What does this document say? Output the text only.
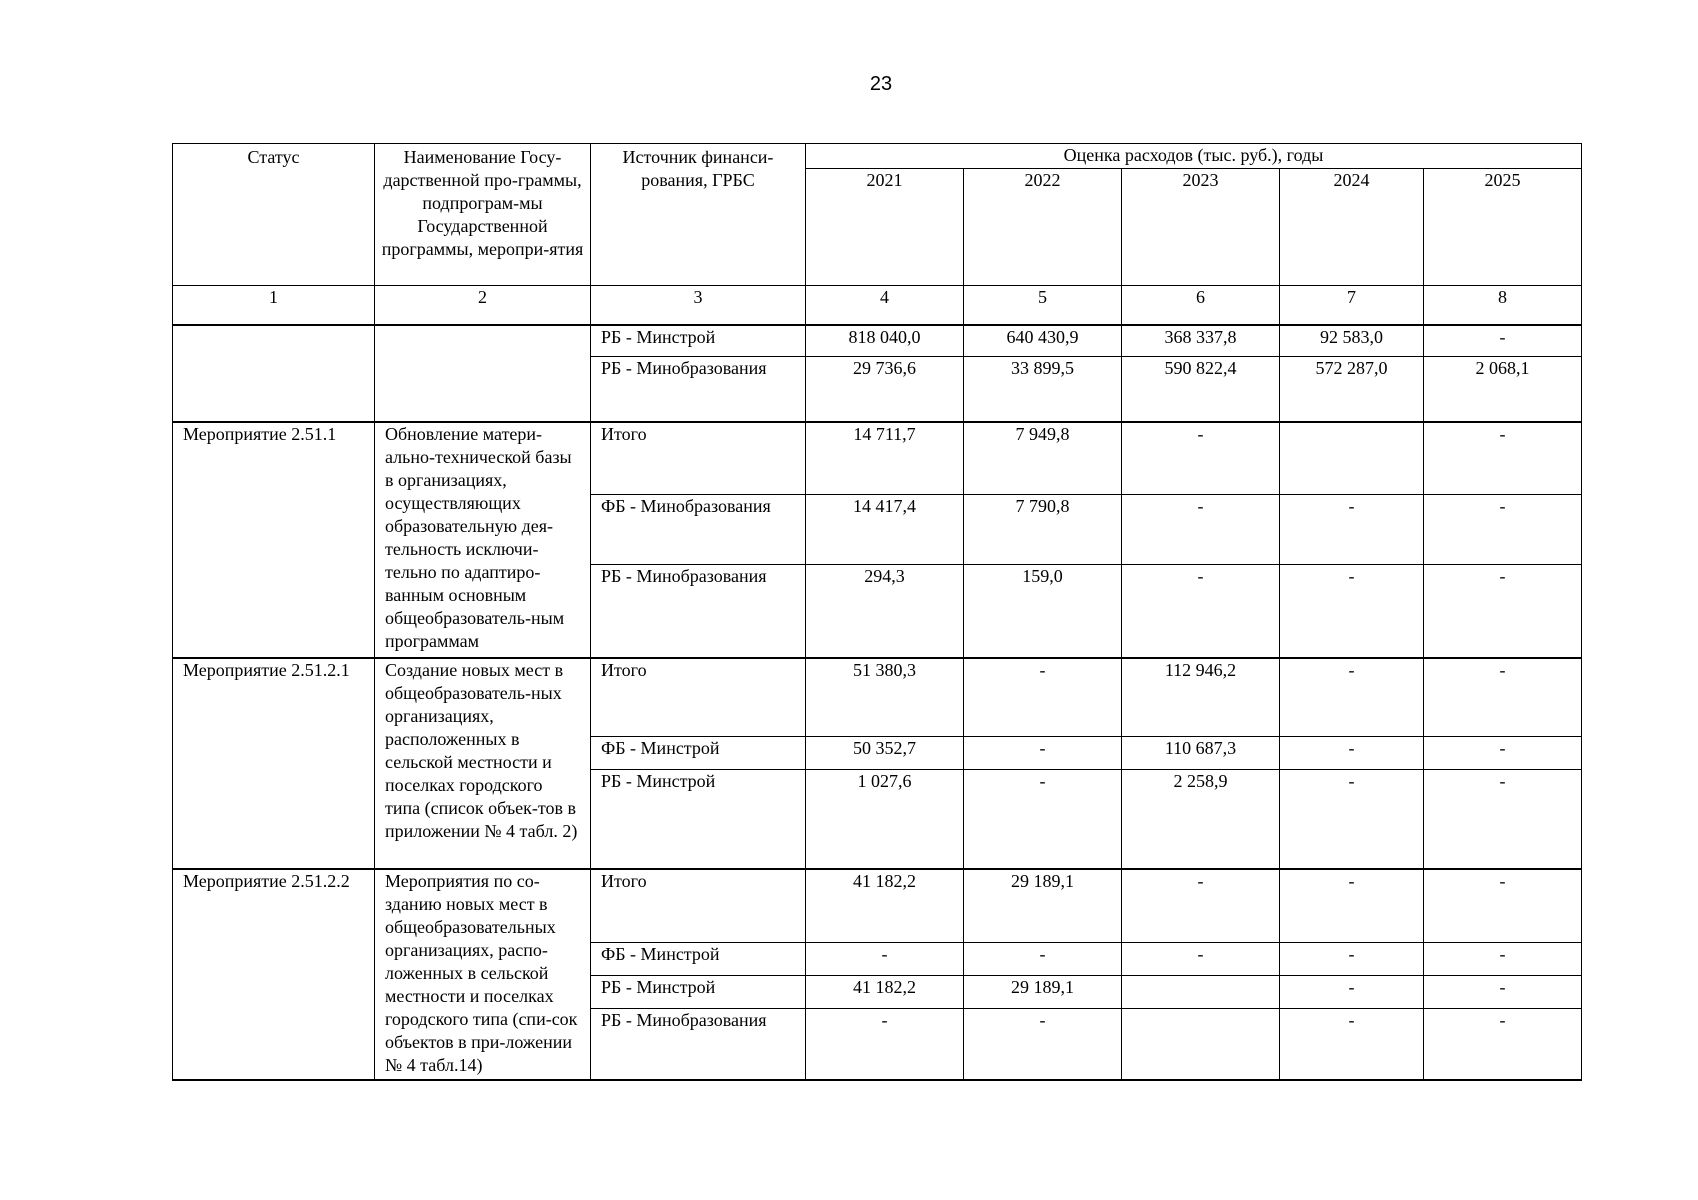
23
Статус	Наименование Госу-дарственной про-граммы, подпрограм-мы Государственной программы, меропри-ятия	Источник финанси-рования, ГРБС	Оценка расходов (тыс. руб.), годы				
			2021	2022	2023	2024	2025
1	2	3	4	5	6	7	8
		РБ - Минстрой	818 040,0	640 430,9	368 337,8	92 583,0	-
		РБ - Минобразования	29 736,6	33 899,5	590 822,4	572 287,0	2 068,1
Мероприятие 2.51.1	Обновление матери-ально-технической базы в организациях, осуществляющих образовательную дея-тельность исключи-тельно по адаптиро-ванным основным общеобразователь-ным программам	Итого	14 711,7	7 949,8	-		-
		ФБ - Минобразования	14 417,4	7 790,8	-	-	-
		РБ - Минобразования	294,3	159,0	-	-	-
Мероприятие 2.51.2.1	Создание новых мест в общеобразователь-ных организациях, расположенных в сельской местности и поселках городского типа (список объек-тов в приложении № 4 табл. 2)	Итого	51 380,3	-	112 946,2	-	-
		ФБ - Минстрой	50 352,7	-	110 687,3	-	-
		РБ - Минстрой	1 027,6	-	2 258,9	-	-
Мероприятие 2.51.2.2	Мероприятия по со-зданию новых мест в общеобразовательных организациях, распо-ложенных в сельской местности и поселках городского типа (спи-сок объектов в при-ложении № 4 табл.14)	Итого	41 182,2	29 189,1	-	-	-
		ФБ - Минстрой	-	-	-	-	-
		РБ - Минстрой	41 182,2	29 189,1		-	-
		РБ - Минобразования	-	-		-	-
